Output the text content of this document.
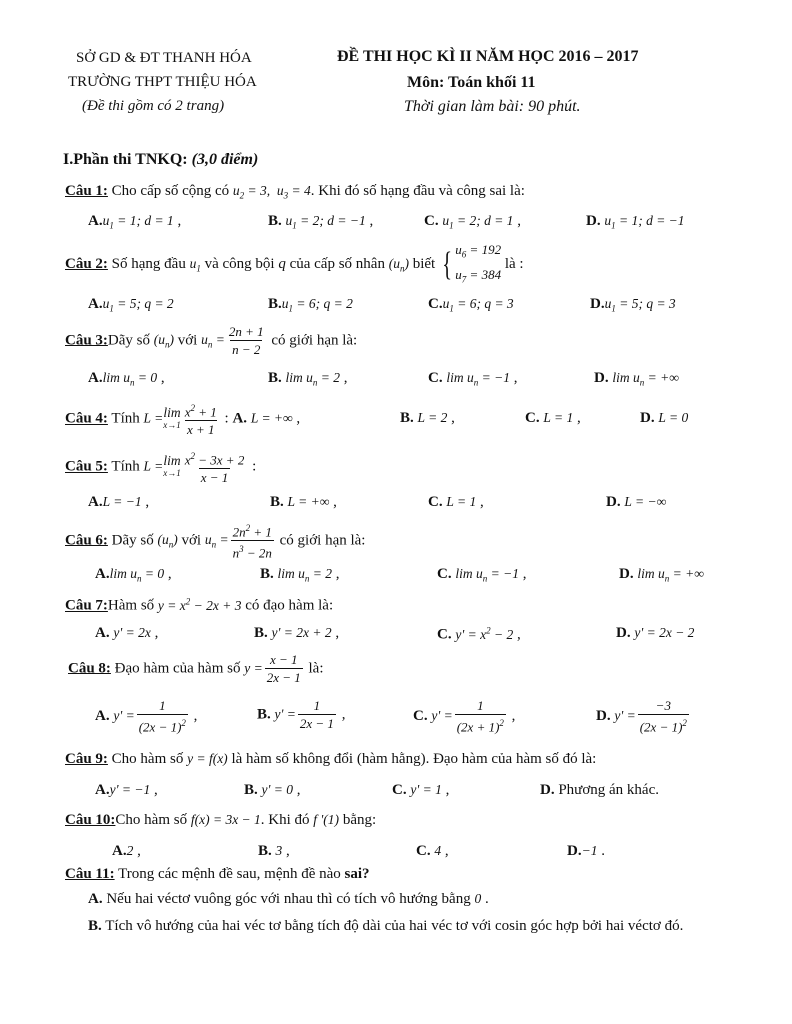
SỞ GD & ĐT THANH HÓA
TRƯỜNG THPT THIỆU HÓA
(Đề thi gồm có 2 trang)
ĐỀ THI HỌC KÌ II NĂM HỌC 2016 – 2017
Môn: Toán khối 11
Thời gian làm bài: 90 phút.
I.Phần thi TNKQ: (3,0 điểm)
Câu 1: Cho cấp số cộng có $u_2 = 3$,  $u_3 = 4$. Khi đó số hạng đầu và công sai là:
$A.u_1 = 1$; d = 1 ,	B. $u_1 = 2$; d = −1 ,	C. $u_1 = 2$; d = 1 ,	D. $u_1 = 1$; d = −1
Câu 2: Số hạng đầu $u_1$ và công bội q của cấp số nhân $(u_n)$ biết { $u_6 = 192$
$u_7 = 384$
là :
$A.u_1 = 5$; q = 2	$B.u_1 = 6$; q = 2	$C.u_1 = 6$; q = 3	$D.u_1 = 5$; q = 3
Câu 3:Dãy số $(u_n)$ với $u_n = \frac{2n + 1}{n - 2}$ có giới hạn là:
A.lim $u_n = 0$ ,	B. $\lim u_n = 2$ ,	C. $\lim u_n = -1$ ,	D. $\lim u_n$ = +∞
Câu 4: Tính L = lim
$x\to 1 \frac{x^2 + 1}{x + 1}$ : A. L = +∞ ,	B. L = 2 ,	C. L = 1 ,	D. L = 0
Câu 5: Tính L = lim
$x\to 1 \frac{x^2 - 3x + 2}{x - 1}$ :
A.L = −1 ,	B. L = +∞ ,	C. L = 1 ,	D. L = −∞
Câu 6: Dãy số $(u_n)$ với $u_n = \frac{2n^2 + 1}{n^3 - 2n}$ có giới hạn là:
A.lim $u_n = 0$ ,	B. $\lim u_n = 2$ ,	C. $\lim u_n = -1$ ,	D. $\lim u_n$ = +∞
Câu 7:Hàm số $y = x^2 - 2x + 3$ có đạo hàm là:
A. y' = 2x ,	B. y' = 2x + 2 ,	C. $y' = x^2 - 2$ ,	D. y' = 2x − 2
Câu 8: Đạo hàm của hàm số $y = \frac{x - 1}{2x - 1}$ là:
A. $y' = \frac{1}{(2x - 1)^2}$ ,	B. $y' = \frac{1}{2x - 1}$ ,	C. $y' = \frac{1}{(2x + 1)^2}$ ,	D. $y' = \frac{-3}{(2x - 1)^2}$
Câu 9: Cho hàm số y = f(x) là hàm số không đổi (hàm hằng). Đạo hàm của hàm số đó là:
A.y' = −1 ,	B. y' = 0 ,	C. y' = 1 ,	D. Phương án khác.
Câu 10:Cho hàm số f(x) = 3x − 1. Khi đó f '(1) bằng:
A.2 ,	B. 3 ,	C. 4 ,	D.−1 .
Câu 11: Trong các mệnh đề sau, mệnh đề nào sai?
A. Nếu hai véctơ vuông góc với nhau thì có tích vô hướng bằng 0 .
B. Tích vô hướng của hai véc tơ bằng tích độ dài của hai véc tơ với cosin góc hợp bởi hai véctơ đó.
